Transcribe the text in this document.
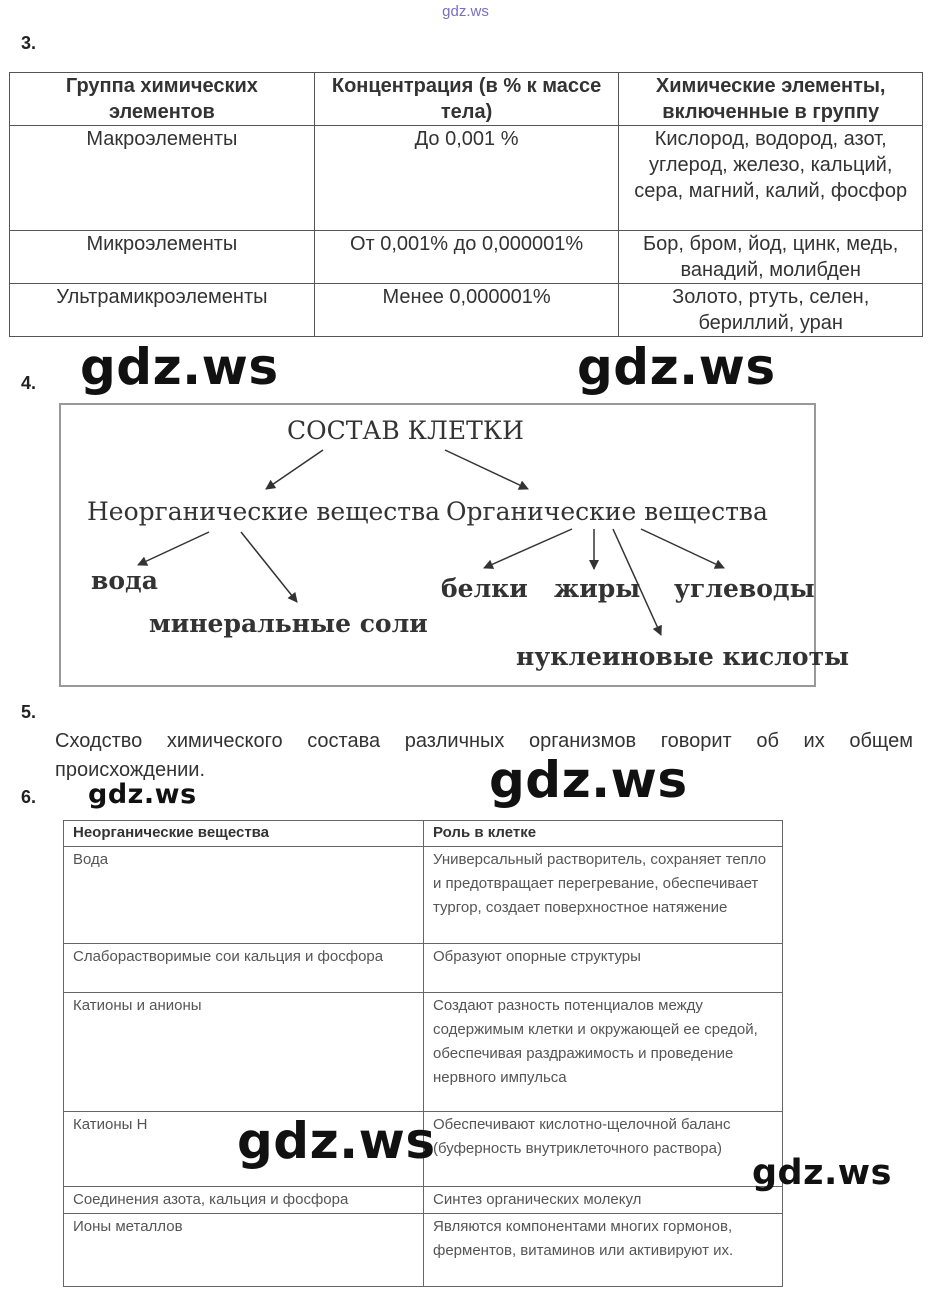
gdz.ws
3.
Группа химических элементов	Концентрация (в % к массе тела)	Химические элементы, включенные в группу
Макроэлементы	До 0,001 %	Кислород, водород, азот, углерод, железо, кальций, сера, магний, калий, фосфор
Микроэлементы	От 0,001% до 0,000001%	Бор, бром, йод, цинк, медь, ванадий, молибден
Ультрамикроэлементы	Менее 0,000001%	Золото, ртуть, селен, бериллий, уран
4. gdz.ws	gdz.ws
СОСТАВ КЛЕТКИ
Неорганические вещества Органические вещества
вода
минеральные соли
белки жиры углеводы
нуклеиновые кислоты
5.
Сходство химического состава различных организмов говорит об их общем
происхождении.
6. gdz.ws	gdz.ws
Неорганические вещества	Роль в клетке
Вода	Универсальный растворитель, сохраняет тепло и предотвращает перегревание, обеспечивает тургор, создает поверхностное натяжение
Слаборастворимые сои кальция и фосфора	Образуют опорные структуры
Катионы и анионы	Создают разность потенциалов между содержимым клетки и окружающей ее средой, обеспечивая раздражимость и проведение нервного импульса
Катионы Н	Обеспечивают кислотно-щелочной баланс (буферность внутриклеточного раствора)
Соединения азота, кальция и фосфора	Синтез органических молекул
Ионы металлов	Являются компонентами многих гормонов, ферментов, витаминов или активируют их.
gdz.ws
gdz.ws
